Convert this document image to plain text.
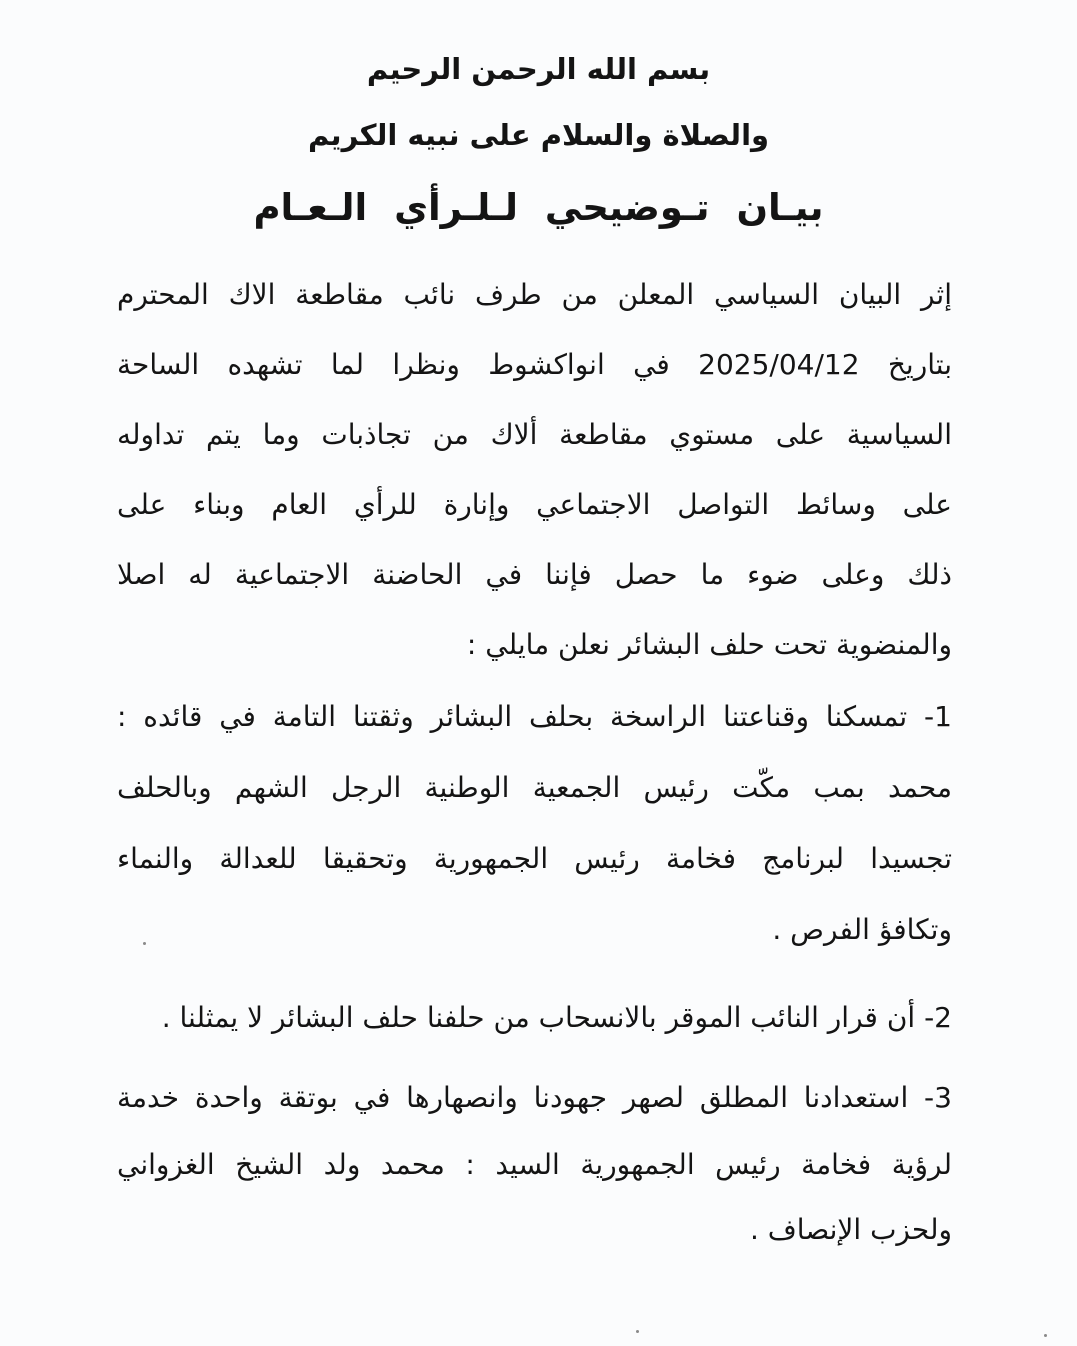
بسم الله الرحمن الرحيم
والصلاة والسلام على نبيه الكريم
بيـان تـوضيحي لـلـرأي الـعـام
إثر البيان السياسي المعلن من طرف نائب مقاطعة الاك المحترم
بتاريخ 2025/04/12 في انواكشوط ونظرا لما تشهده الساحة
السياسية على مستوي مقاطعة ألاك من تجاذبات وما يتم تداوله
على وسائط التواصل الاجتماعي وإنارة للرأي العام وبناء على
ذلك وعلى ضوء ما حصل فإننا في الحاضنة الاجتماعية له اصلا
والمنضوية تحت حلف البشائر نعلن مايلي :
1- تمسكنا وقناعتنا الراسخة بحلف البشائر وثقتنا التامة في قائده :
محمد بمب مكّت رئيس الجمعية الوطنية الرجل الشهم وبالحلف
تجسيدا لبرنامج فخامة رئيس الجمهورية وتحقيقا للعدالة والنماء
وتكافؤ الفرص .
2- أن قرار النائب الموقر بالانسحاب من حلفنا حلف البشائر لا يمثلنا .
3- استعدادنا المطلق لصهر جهودنا وانصهارها في بوتقة واحدة خدمة
لرؤية فخامة رئيس الجمهورية السيد : محمد ولد الشيخ الغزواني
ولحزب الإنصاف .
